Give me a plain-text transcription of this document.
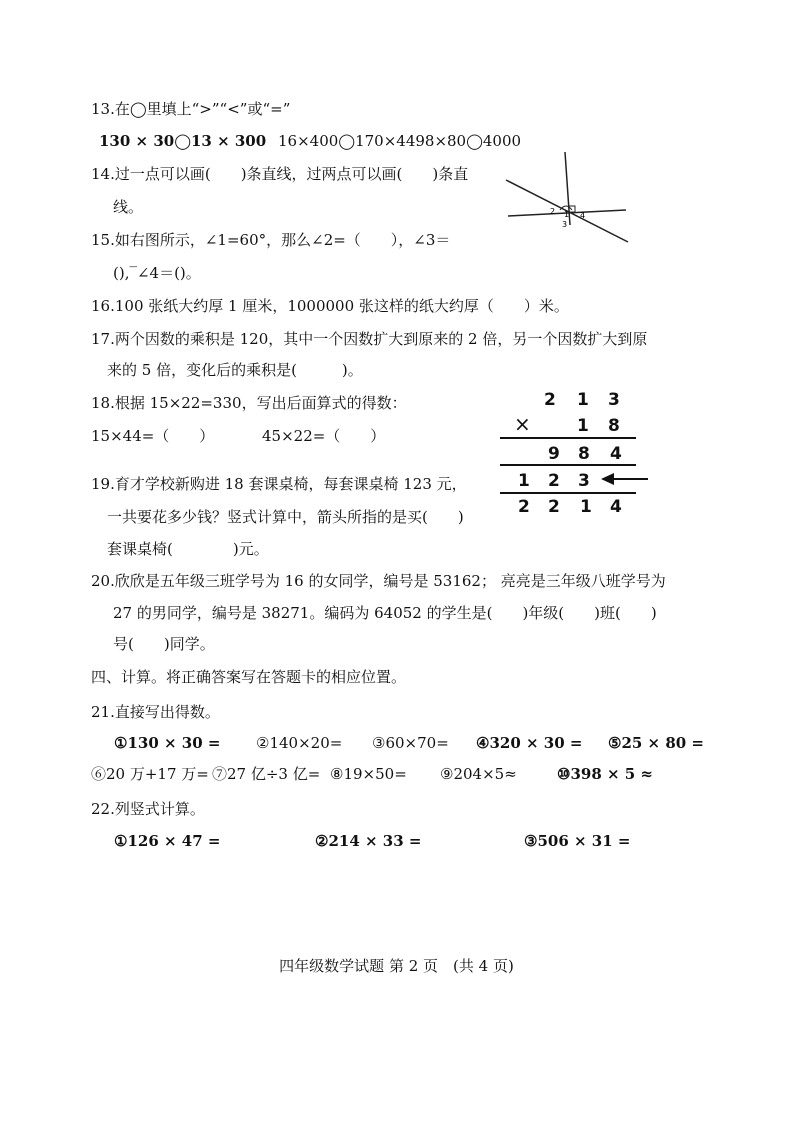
13.在◯里填上“>”“<”或“=”
130 × 30◯13 × 300 16×400◯170×4498×80◯4000
14.过一点可以画(　　)条直线，过两点可以画(　　)条直
线。	2 1 4
3
15.如右图所示，∠1=60°，那么∠2=（　　），∠3＝
(),‾∠4＝()。
16.100 张纸大约厚 1 厘米，1000000 张这样的纸大约厚（　　）米。
17.两个因数的乘积是 120，其中一个因数扩大到原来的 2 倍，另一个因数扩大到原
来的 5 倍，变化后的乘积是(　　　)。
18.根据 15×22=330，写出后面算式的得数：
15×44=（　　）	45×22=（　　）
2 1 3
×	1 8
9 8 4
1 2 3
2 2 1 4
19.育才学校新购进 18 套课桌椅，每套课桌椅 123 元，
一共要花多少钱？竖式计算中，箭头所指的是买(　　)
套课桌椅(　　　　)元。
20.欣欣是五年级三班学号为 16 的女同学，编号是 53162； 亮亮是三年级八班学号为
27 的男同学，编号是 38271。编码为 64052 的学生是(　　)年级(　　)班(　　)
号(　　)同学。
四、计算。将正确答案写在答题卡的相应位置。
21.直接写出得数。
①130 × 30 = ②140×20= ③60×70= ④320 × 30 = ⑤25 × 80 =
⑥20 万+17 万= ⑦27 亿÷3 亿= ⑧19×50= ⑨204×5≈	⑩398 × 5 ≈
22.列竖式计算。
①126 × 47 =	②214 × 33 =	③506 × 31 =
四年级数学试题 第 2 页　(共 4 页)
